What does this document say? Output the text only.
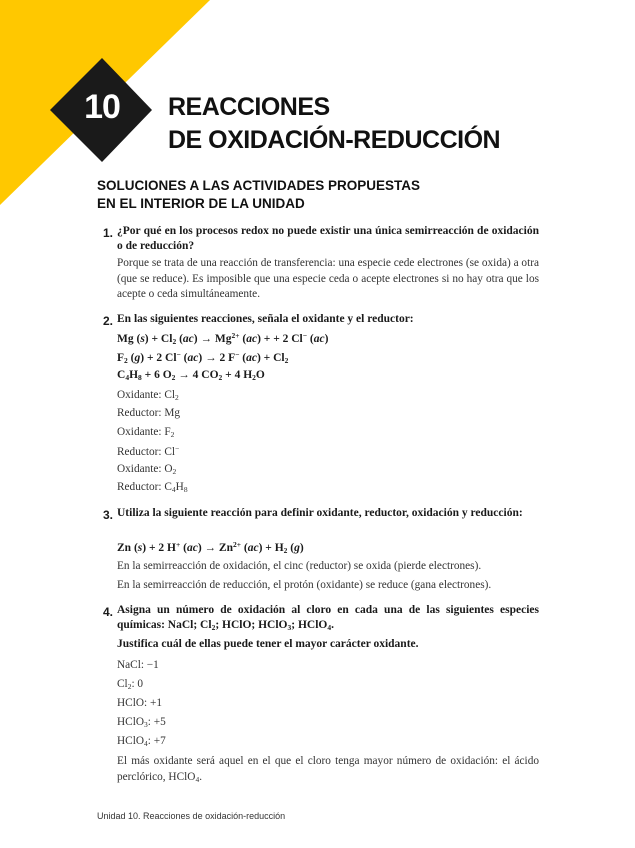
10	REACCIONES
DE OXIDACIÓN-REDUCCIÓN
SOLUCIONES A LAS ACTIVIDADES PROPUESTAS
EN EL INTERIOR DE LA UNIDAD
1. ¿Por qué en los procesos redox no puede existir una única semirreacción de oxidación o de reducción?
Porque se trata de una reacción de transferencia: una especie cede electrones (se oxida) a otra (que se reduce). Es imposible que una especie ceda o acepte electrones si no hay otra que los acepte o ceda simultáneamente.
2. En las siguientes reacciones, señala el oxidante y el reductor:
Mg $(s) + Cl_2$ $(ac) \to Mg^{2+}$ (ac) + + 2 Cl− (ac)
$F_2$ (g) + 2 Cl− (ac) → 2 F− $(ac) + Cl_2$
$C_4H_8 + 6$ $O_2 \to 4$ $CO_2 + 4$ $H_2O$
Oxidante: $Cl_2$
Reductor: Mg
Oxidante: $F_2$
Reductor: Cl−
Oxidante: $O_2$
Reductor: $C_4H_8$
3. Utiliza la siguiente reacción para definir oxidante, reductor, oxidación y reducción:
Zn (s) + 2 H+ $(ac) \to Zn^{2+}$ $(ac) + H_2$ (g)
En la semirreacción de oxidación, el cinc (reductor) se oxida (pierde electrones).
En la semirreacción de reducción, el protón (oxidante) se reduce (gana electrones).
4. Asigna un número de oxidación al cloro en cada una de las siguientes especies químicas: NaCl; $Cl_2$; HClO; HClO$_3$; HClO$_4$.
Justifica cuál de ellas puede tener el mayor carácter oxidante.
NaCl: −1
$Cl_2$: 0
HClO: +1
HClO$_3$: +5
HClO$_4$: +7
El más oxidante será aquel en el que el cloro tenga mayor número de oxidación: el ácido perclórico, HClO$_4$.
Unidad 10. Reacciones de oxidación-reducción
